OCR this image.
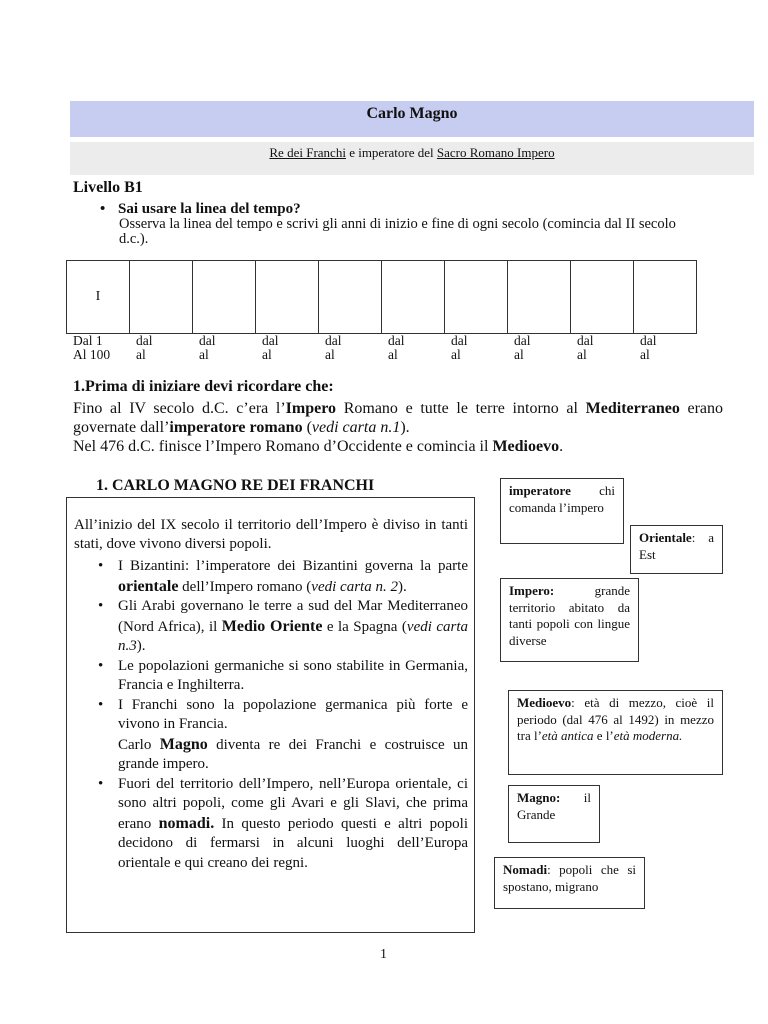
Carlo Magno
Re dei Franchi e imperatore del Sacro Romano Impero
Livello B1
• Sai usare la linea del tempo?
Osserva la linea del tempo e scrivi gli anni di inizio e fine di ogni secolo (comincia dal II secolo d.c.).
I									
Dal 1
Al 100
dal
al
dal
al
dal
al
dal
al
dal
al
dal
al
dal
al
dal
al
dal
al
1.Prima di iniziare devi ricordare che:
Fino al IV secolo d.C. c’era l’Impero Romano e tutte le terre intorno al Mediterraneo erano governate dall’imperatore romano (vedi carta n.1).
Nel 476 d.C. finisce l’Impero Romano d’Occidente e comincia il Medioevo.
1. CARLO MAGNO RE DEI FRANCHI
All’inizio del IX secolo il territorio dell’Impero è diviso in tanti stati, dove vivono diversi popoli.
• I Bizantini: l’imperatore dei Bizantini governa la parte orientale dell’Impero romano (vedi carta n. 2).
• Gli Arabi governano le terre a sud del Mar Mediterraneo (Nord Africa), il Medio Oriente e la Spagna (vedi carta n.3).
• Le popolazioni germaniche si sono stabilite in Germania, Francia e Inghilterra.
• I Franchi sono la popolazione germanica più forte e vivono in Francia.
Carlo Magno diventa re dei Franchi e costruisce un grande impero.
• Fuori del territorio dell’Impero, nell’Europa orientale, ci sono altri popoli, come gli Avari e gli Slavi, che prima erano nomadi. In questo periodo questi e altri popoli decidono di fermarsi in alcuni luoghi dell’Europa orientale e qui creano dei regni.
imperatore chi comanda l’impero
Orientale: a Est
Impero: grande territorio abitato da tanti popoli con lingue diverse
Medioevo: età di mezzo, cioè il periodo (dal 476 al 1492) in mezzo tra l’età antica e l’età moderna.
Magno: il Grande
Nomadi: popoli che si spostano, migrano
1
